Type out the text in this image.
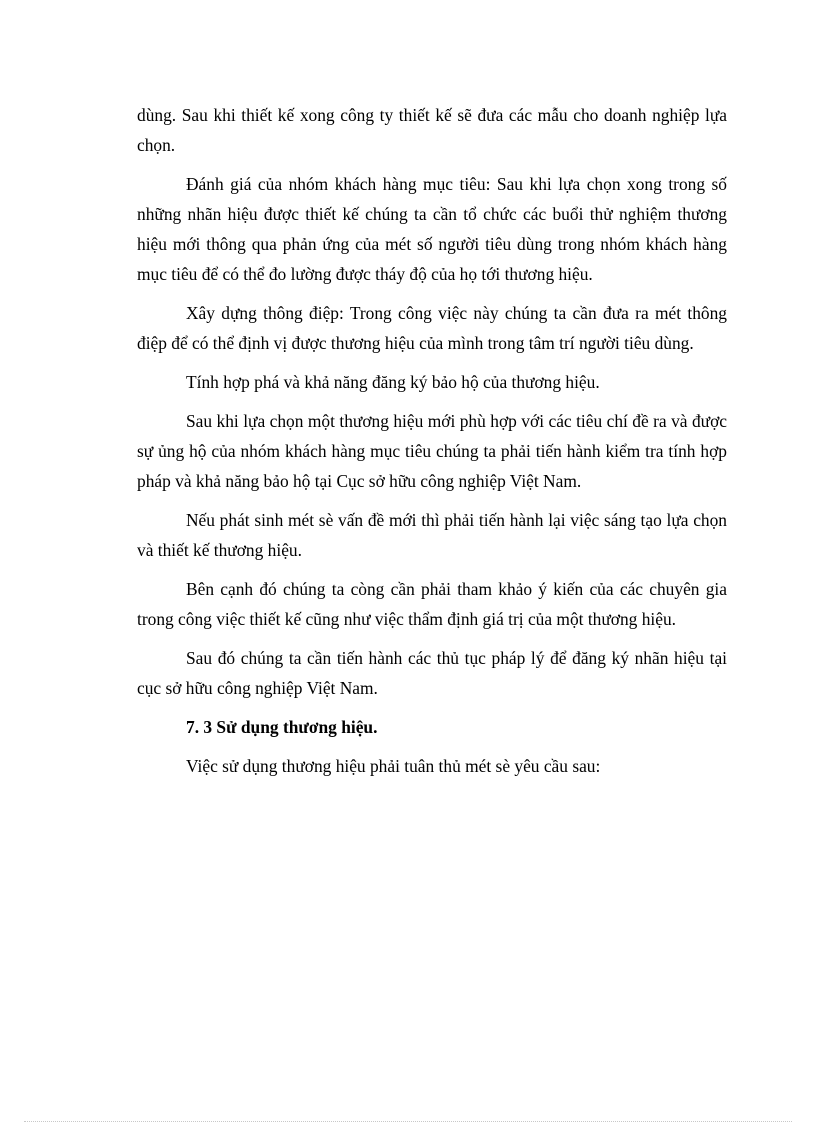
dùng. Sau khi thiết kế xong công ty thiết kế sẽ đưa các mẫu cho doanh nghiệp lựa chọn.

Đánh giá của nhóm khách hàng mục tiêu: Sau khi lựa chọn xong trong số những nhãn hiệu được thiết kế chúng ta cần tổ chức các buổi thử nghiệm thương hiệu mới thông qua phản ứng của mét số người tiêu dùng trong nhóm khách hàng mục tiêu để có thể đo lường được tháy độ của họ tới thương hiệu.

Xây dựng thông điệp: Trong công việc này chúng ta cần đưa ra mét thông điệp để có thể định vị được thương hiệu của mình trong tâm trí người tiêu dùng.

Tính hợp phá và khả năng đăng ký bảo hộ của thương hiệu.

Sau khi lựa chọn một thương hiệu mới phù hợp với các tiêu chí đề ra và được sự ủng hộ của nhóm khách hàng mục tiêu chúng ta phải tiến hành kiểm tra tính hợp pháp và khả năng bảo hộ tại Cục sở hữu công nghiệp Việt Nam.

Nếu phát sinh mét sè vấn đề mới thì phải tiến hành lại việc sáng tạo lựa chọn và thiết kế thương hiệu.

Bên cạnh đó chúng ta còng cần phải tham khảo ý kiến của các chuyên gia trong công việc thiết kế cũng như việc thẩm định giá trị của một thương hiệu.

Sau đó chúng ta cần tiến hành các thủ tục pháp lý để đăng ký nhãn hiệu tại cục sở hữu công nghiệp Việt Nam.

7. 3 Sử dụng thương hiệu.

Việc sử dụng thương hiệu phải tuân thủ mét sè yêu cầu sau:
